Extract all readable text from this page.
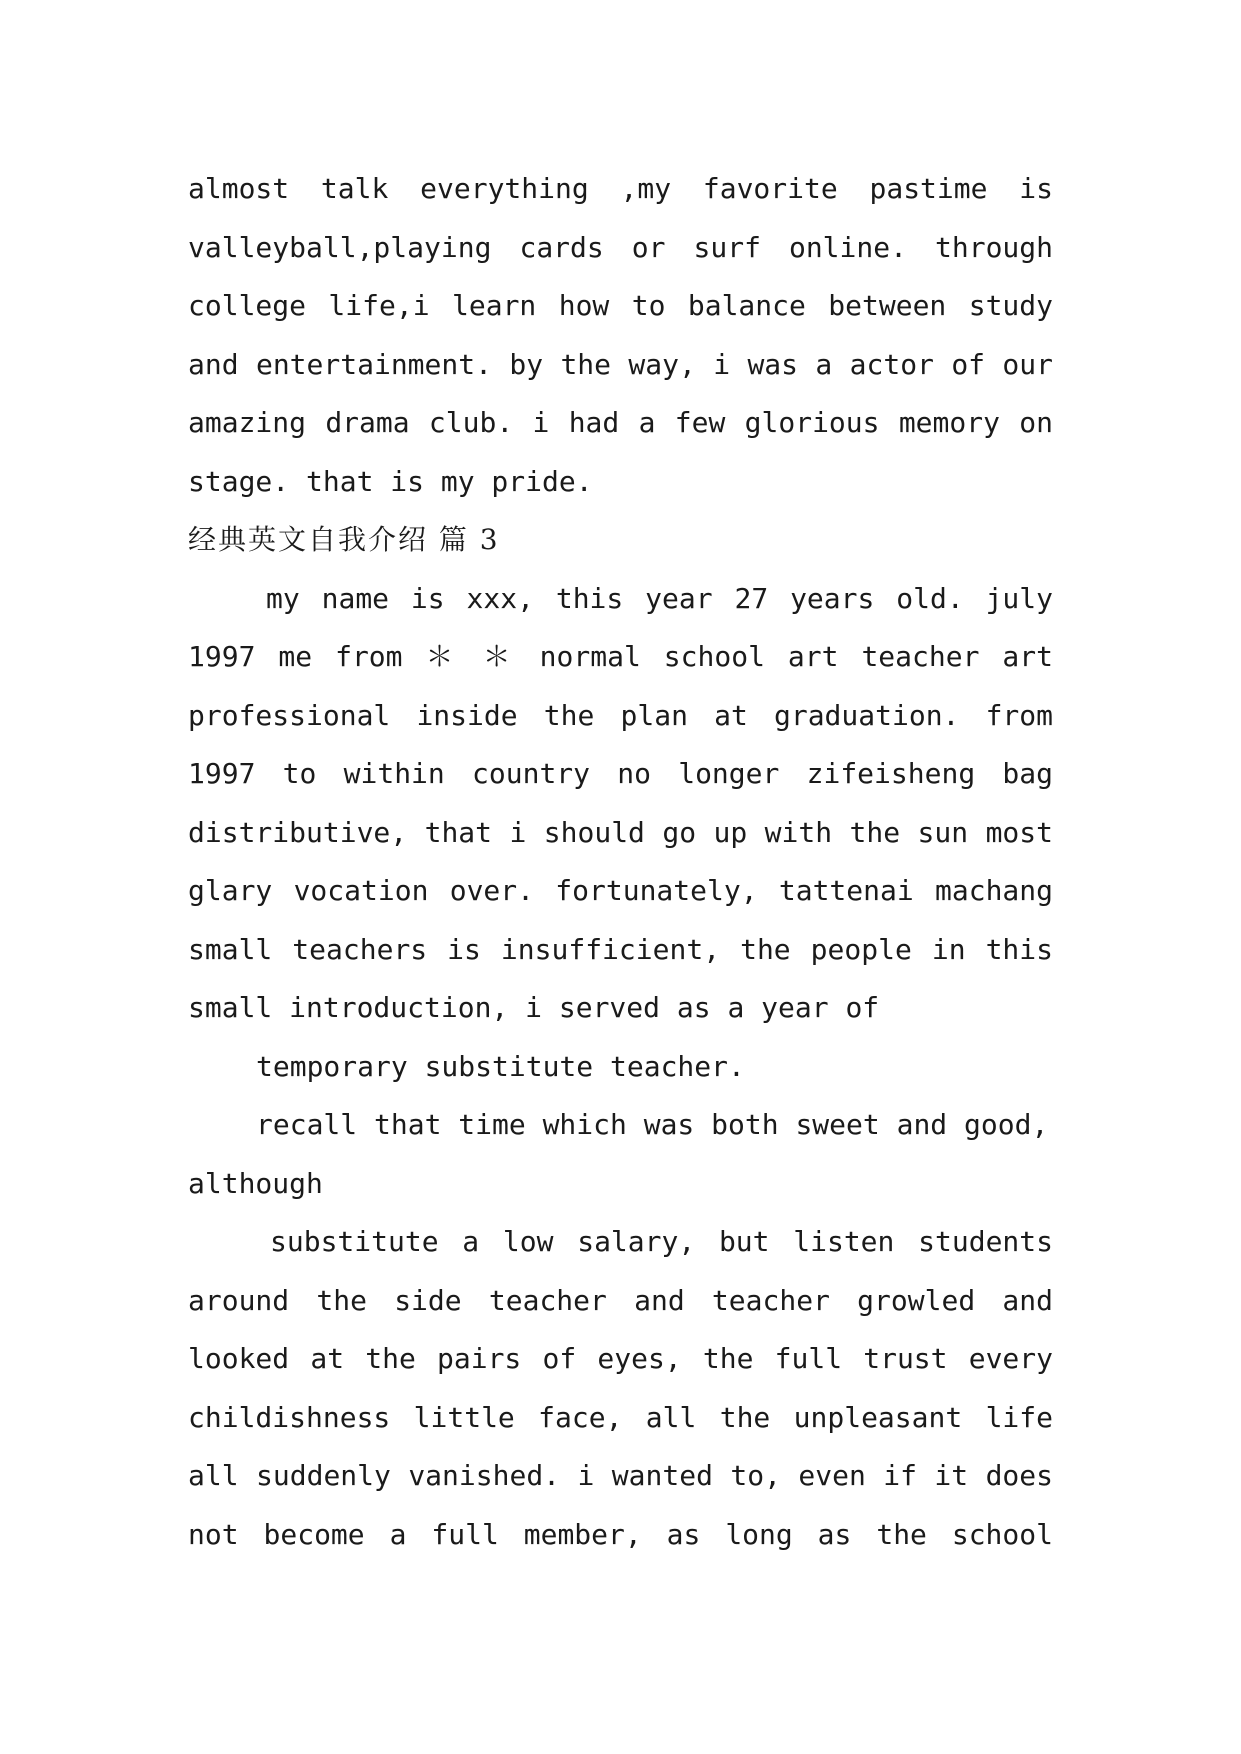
almost talk everything ,my favorite pastime is
valleyball,playing cards or surf online. through
college life,i learn how to balance between study
and entertainment. by the way, i was a actor of our
amazing drama club. i had a few glorious memory on
stage. that is my pride.
经典英文自我介绍 篇 3
my name is xxx, this year 27 years old. july
1997 me from ＊ ＊ normal school art teacher art
professional inside the plan at graduation. from
1997 to within country no longer zifeisheng bag
distributive, that i should go up with the sun most
glary vocation over. fortunately, tattenai machang
small teachers is insufficient, the people in this
small introduction, i served as a year of
temporary substitute teacher.
recall that time which was both sweet and good,
although
substitute a low salary, but listen students
around the side teacher and teacher growled and
looked at the pairs of eyes, the full trust every
childishness little face, all the unpleasant life
all suddenly vanished. i wanted to, even if it does
not become a full member, as long as the school
